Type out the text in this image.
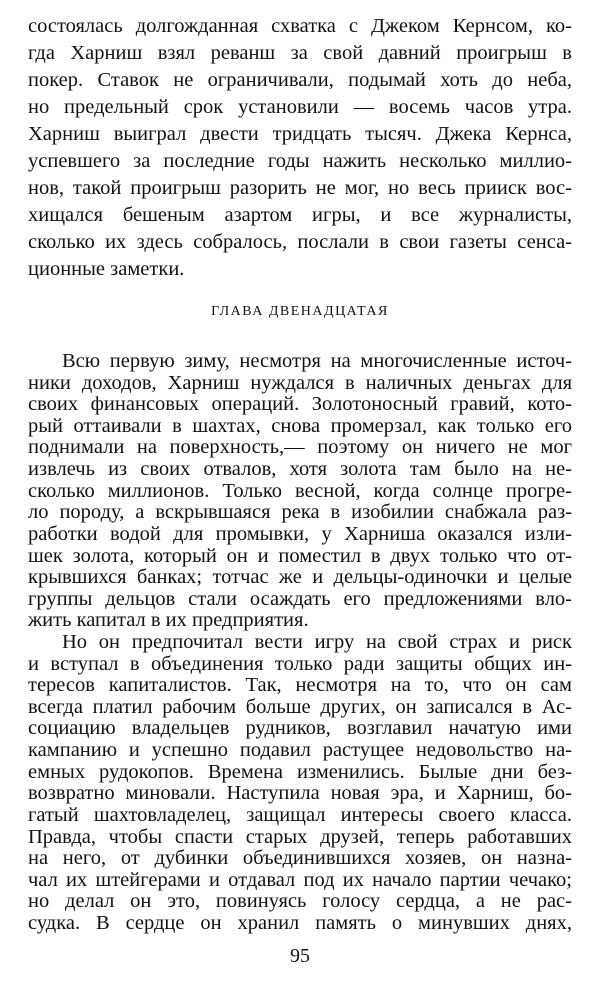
состоялась долгожданная схватка с Джеком Кернсом, ко-
гда Харниш взял реванш за свой давний проигрыш в
покер. Ставок не ограничивали, подымай хоть до неба,
но предельный срок установили — восемь часов утра.
Харниш выиграл двести тридцать тысяч. Джека Кернса,
успевшего за последние годы нажить несколько миллио-
нов, такой проигрыш разорить не мог, но весь прииск вос-
хищался бешеным азартом игры, и все журналисты,
сколько их здесь собралось, послали в свои газеты сенса-
ционные заметки.
ГЛАВА ДВЕНАДЦАТАЯ
Всю первую зиму, несмотря на многочисленные источ-
ники доходов, Харниш нуждался в наличных деньгах для
своих финансовых операций. Золотоносный гравий, кото-
рый оттаивали в шахтах, снова промерзал, как только его
поднимали на поверхность,— поэтому он ничего не мог
извлечь из своих отвалов, хотя золота там было на не-
сколько миллионов. Только весной, когда солнце прогре-
ло породу, а вскрывшаяся река в изобилии снабжала раз-
работки водой для промывки, у Харниша оказался изли-
шек золота, который он и поместил в двух только что от-
крывшихся банках; тотчас же и дельцы-одиночки и целые
группы дельцов стали осаждать его предложениями вло-
жить капитал в их предприятия.
Но он предпочитал вести игру на свой страх и риск
и вступал в объединения только ради защиты общих ин-
тересов капиталистов. Так, несмотря на то, что он сам
всегда платил рабочим больше других, он записался в Ас-
социацию владельцев рудников, возглавил начатую ими
кампанию и успешно подавил растущее недовольство на-
емных рудокопов. Времена изменились. Былые дни без-
возвратно миновали. Наступила новая эра, и Харниш, бо-
гатый шахтовладелец, защищал интересы своего класса.
Правда, чтобы спасти старых друзей, теперь работавших
на него, от дубинки объединившихся хозяев, он назна-
чал их штейгерами и отдавал под их начало партии чечако;
но делал он это, повинуясь голосу сердца, а не рас-
судка. В сердце он хранил память о минувших днях,
95
